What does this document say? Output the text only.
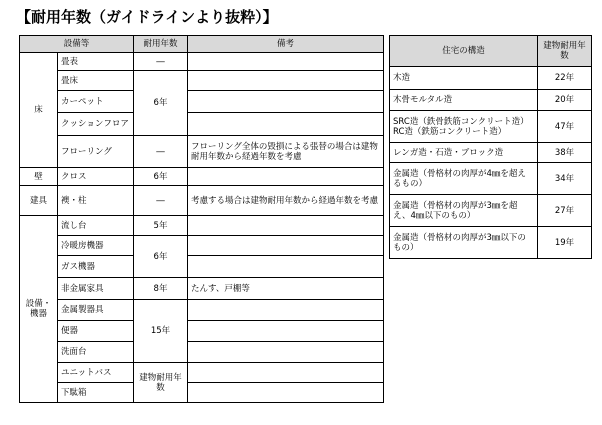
【耐用年数（ガイドラインより抜粋）】
設備等		耐用年数	備考
床	畳表	―	
	畳床	6年	
	カーペット		
	クッションフロア		
	フローリング	―	フローリング全体の毀損による張替の場合は建物耐用年数から経過年数を考慮
壁	クロス	6年	
建具	襖・柱	―	考慮する場合は建物耐用年数から経過年数を考慮
設備・機器	流し台	5年	
	冷暖房機器	6年	
	ガス機器		
	非金属家具	8年	たんす、戸棚等
	金属製器具	15年	
	便器		
	洗面台		
	ユニットバス	建物耐用年数	
	下駄箱		
住宅の構造	建物耐用年数
木造	22年
木骨モルタル造	20年
SRC造（鉄骨鉄筋コンクリート造）RC造（鉄筋コンクリート造）	47年
レンガ造・石造・ブロック造	38年
金属造（骨格材の肉厚が4㎜を超えるもの）	34年
金属造（骨格材の肉厚が3㎜を超え、4㎜以下のもの）	27年
金属造（骨格材の肉厚が3㎜以下のもの）	19年
